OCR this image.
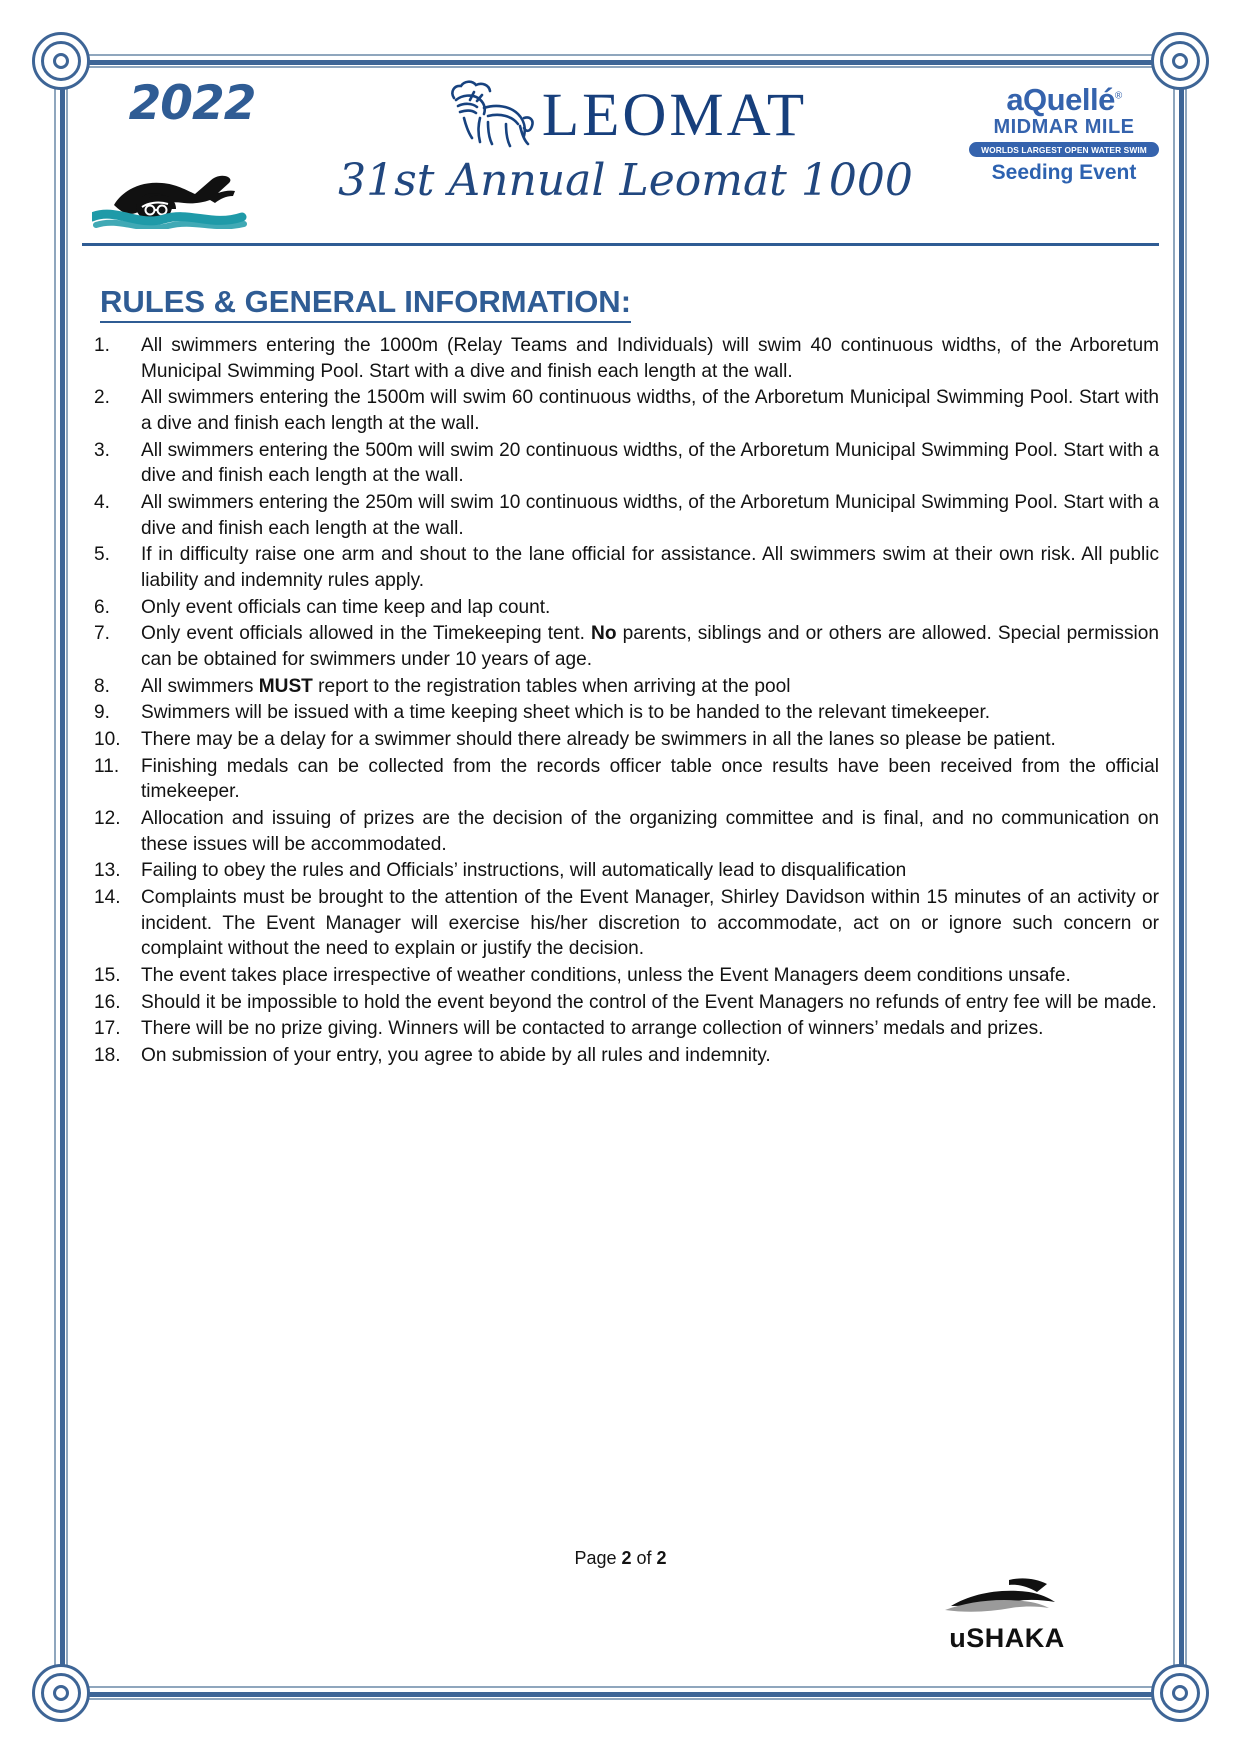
2022	LEOMAT
31st Annual Leomat 1000
aQuellé®
MIDMAR MILE
WORLDS LARGEST OPEN WATER SWIM
Seeding Event
RULES & GENERAL INFORMATION:
1.	All swimmers entering the 1000m (Relay Teams and Individuals) will swim 40 continuous widths, of the Arboretum Municipal Swimming Pool. Start with a dive and finish each length at the wall.
2.	All swimmers entering the 1500m will swim 60 continuous widths, of the Arboretum Municipal Swimming Pool. Start with a dive and finish each length at the wall.
3.	All swimmers entering the 500m will swim 20 continuous widths, of the Arboretum Municipal Swimming Pool. Start with a dive and finish each length at the wall.
4.	All swimmers entering the 250m will swim 10 continuous widths, of the Arboretum Municipal Swimming Pool. Start with a dive and finish each length at the wall.
5.	If in difficulty raise one arm and shout to the lane official for assistance. All swimmers swim at their own risk. All public liability and indemnity rules apply.
6.	Only event officials can time keep and lap count.
7.	Only event officials allowed in the Timekeeping tent. No parents, siblings and or others are allowed. Special permission can be obtained for swimmers under 10 years of age.
8.	All swimmers MUST report to the registration tables when arriving at the pool
9.	Swimmers will be issued with a time keeping sheet which is to be handed to the relevant timekeeper.
10.	There may be a delay for a swimmer should there already be swimmers in all the lanes so please be patient.
11.	Finishing medals can be collected from the records officer table once results have been received from the official timekeeper.
12.	Allocation and issuing of prizes are the decision of the organizing committee and is final, and no communication on these issues will be accommodated.
13.	Failing to obey the rules and Officials’ instructions, will automatically lead to disqualification
14.	Complaints must be brought to the attention of the Event Manager, Shirley Davidson within 15 minutes of an activity or incident. The Event Manager will exercise his/her discretion to accommodate, act on or ignore such concern or complaint without the need to explain or justify the decision.
15.	The event takes place irrespective of weather conditions, unless the Event Managers deem conditions unsafe.
16.	Should it be impossible to hold the event beyond the control of the Event Managers no refunds of entry fee will be made.
17.	There will be no prize giving. Winners will be contacted to arrange collection of winners’ medals and prizes.
18.	On submission of your entry, you agree to abide by all rules and indemnity.
Page 2 of 2
uSHAKA
